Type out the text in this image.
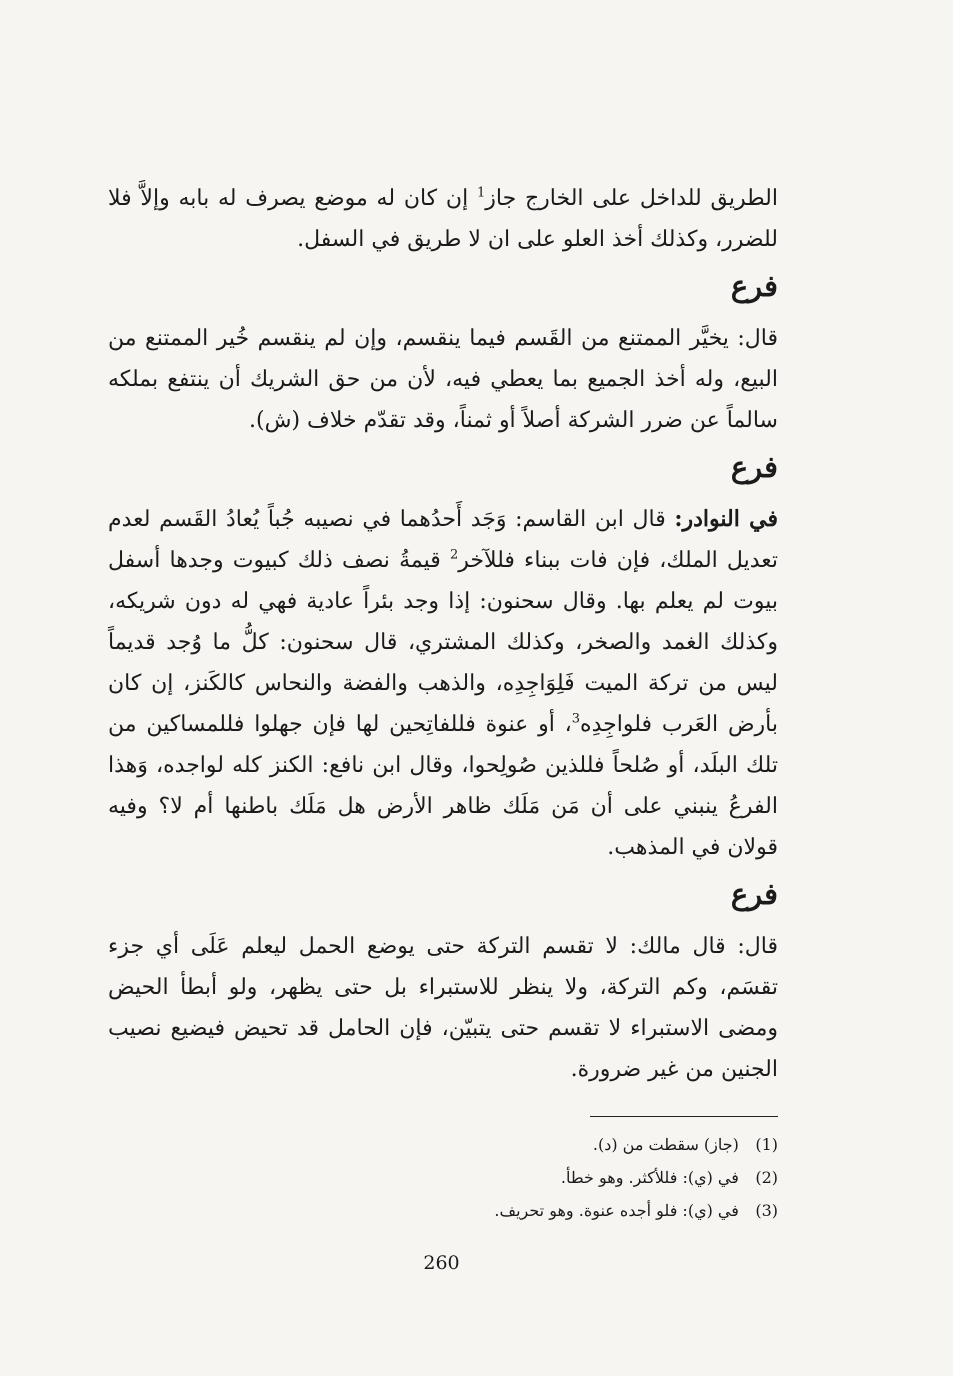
الطريق للداخل على الخارج جاز$^1$ إن كان له موضع يصرف له بابه وإلاَّ فلا للضرر، وكذلك أخذ العلو على ان لا طريق في السفل.

فرع

قال: يخيَّر الممتنع من القَسم فيما ينقسم، وإن لم ينقسم خُير الممتنع من البيع، وله أخذ الجميع بما يعطي فيه، لأن من حق الشريك أن ينتفع بملكه سالماً عن ضرر الشركة أصلاً أو ثمناً، وقد تقدّم خلاف (ش).

فرع

في النوادر: قال ابن القاسم: وَجَد أَحدُهما في نصيبه جُباً يُعادُ القَسم لعدم تعديل الملك، فإن فات ببناء فللآخر$^2$ قيمةُ نصف ذلك كبيوت وجدها أسفل بيوت لم يعلم بها. وقال سحنون: إذا وجد بئراً عادية فهي له دون شريكه، وكذلك الغمد والصخر، وكذلك المشتري، قال سحنون: كلُّ ما وُجد قديماً ليس من تركة الميت فَلِوَاجِدِه، والذهب والفضة والنحاس كالكَنز، إن كان بأرض العَرب فلواجِدِه$^3$، أو عنوة فللفاتِحين لها فإن جهلوا فللمساكين من تلك البلَد، أو صُلحاً فللذين صُولِحوا، وقال ابن نافع: الكنز كله لواجده، وَهذا الفرعُ ينبني على أن مَن مَلَك ظاهر الأرض هل مَلَك باطنها أم لا؟ وفيه قولان في المذهب.

فرع

قال: قال مالك: لا تقسم التركة حتى يوضع الحمل ليعلم عَلَى أي جزء تقسَم، وكم التركة، ولا ينظر للاستبراء بل حتى يظهر، ولو أبطأ الحيض ومضى الاستبراء لا تقسم حتى يتبيّن، فإن الحامل قد تحيض فيضيع نصيب الجنين من غير ضرورة.

(1) (جاز) سقطت من (د).
(2) في (ي): فللأكثر. وهو خطأ.
(3) في (ي): فلو أجده عنوة. وهو تحريف.
260
